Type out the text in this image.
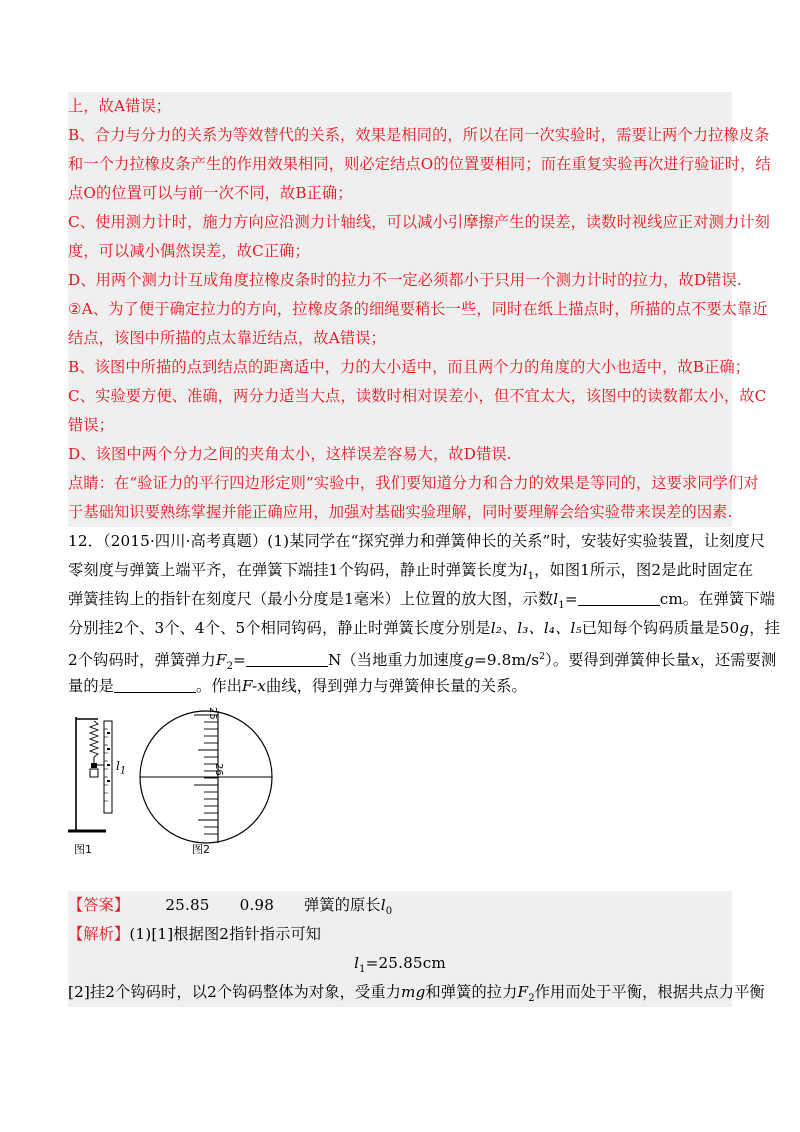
上，故A错误；
B、合力与分力的关系为等效替代的关系，效果是相同的，所以在同一次实验时，需要让两个力拉橡皮条
和一个力拉橡皮条产生的作用效果相同，则必定结点O的位置要相同；而在重复实验再次进行验证时，结
点O的位置可以与前一次不同，故B正确；
C、使用测力计时，施力方向应沿测力计轴线，可以减小引摩擦产生的误差，读数时视线应正对测力计刻
度，可以减小偶然误差，故C正确；
D、用两个测力计互成角度拉橡皮条时的拉力不一定必须都小于只用一个测力计时的拉力，故D错误.
②A、为了便于确定拉力的方向，拉橡皮条的细绳要稍长一些，同时在纸上描点时，所描的点不要太靠近
结点，该图中所描的点太靠近结点，故A错误；
B、该图中所描的点到结点的距离适中，力的大小适中，而且两个力的角度的大小也适中，故B正确；
C、实验要方便、准确，两分力适当大点，读数时相对误差小，但不宜太大，该图中的读数都太小，故C
错误；
D、该图中两个分力之间的夹角太小，这样误差容易大，故D错误.
点睛：在“验证力的平行四边形定则”实验中，我们要知道分力和合力的效果是等同的，这要求同学们对
于基础知识要熟练掌握并能正确应用，加强对基础实验理解，同时要理解会给实验带来误差的因素.
12．（2015·四川·高考真题）(1)某同学在“探究弹力和弹簧伸长的关系”时，安装好实验装置，让刻度尺
零刻度与弹簧上端平齐，在弹簧下端挂1个钩码，静止时弹簧长度为$l_1$，如图1所示，图2是此时固定在
弹簧挂钩上的指针在刻度尺（最小分度是1毫米）上位置的放大图，示数$l_1=$	cm。在弹簧下端
分别挂2个、3个、4个、5个相同钩码，静止时弹簧长度分别是l₂、l₃、l₄、l₅已知每个钩码质量是50g，挂
2个钩码时，弹簧弹力$F_2=$	N（当地重力加速度$g=9.8m/s^2$）。要得到弹簧伸长量x，还需要测
量的是	。作出F-x曲线，得到弹力与弹簧伸长量的关系。
$l_1$
25
26
图1	图2
【答案】 25.85 0.98 弹簧的原长$l_0$
【解析】(1)[1]根据图2指针指示可知
$l_1=25.85cm$
[2]挂2个钩码时，以2个钩码整体为对象，受重力mg和弹簧的拉力$F_2$作用而处于平衡，根据共点力平衡
